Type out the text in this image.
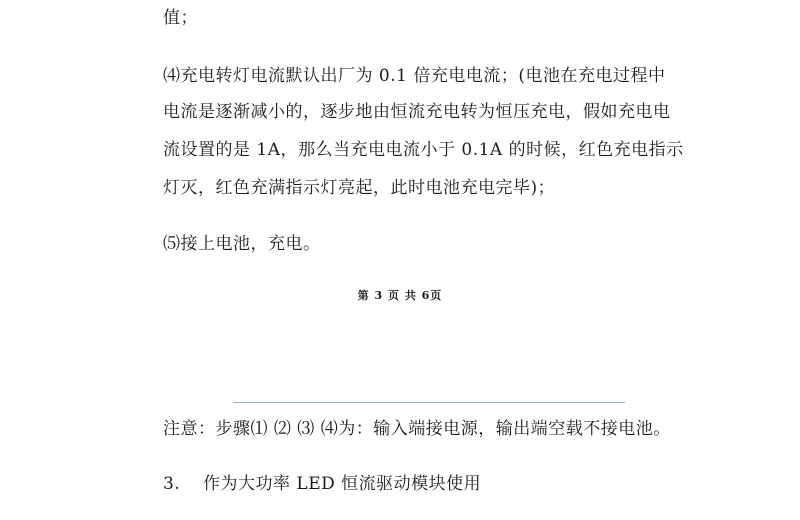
值；
⑷充电转灯电流默认出厂为 0.1 倍充电电流；(电池在充电过程中
电流是逐渐减小的，逐步地由恒流充电转为恒压充电，假如充电电
流设置的是 1A，那么当充电电流小于 0.1A 的时候，红色充电指示
灯灭，红色充满指示灯亮起，此时电池充电完毕)；
⑸接上电池，充电。
第 3 页 共 6页
注意：步骤⑴ ⑵ ⑶ ⑷为：输入端接电源，输出端空载不接电池。
3. 作为大功率 LED 恒流驱动模块使用
